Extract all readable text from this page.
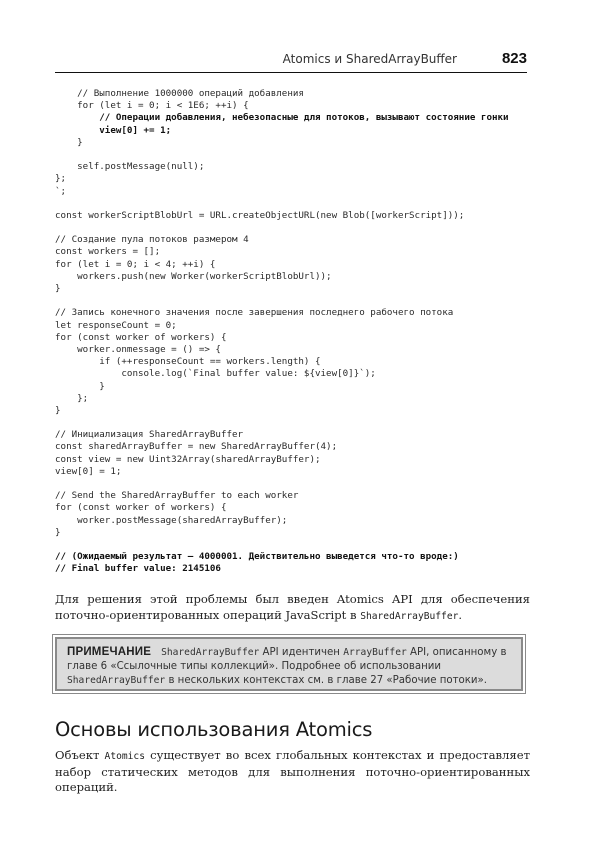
Atomics и SharedArrayBuffer	823
// Выполнение 1000000 операций добавления
for (let i = 0; i < 1E6; ++i) {
// Операции добавления, небезопасные для потоков, вызывают состояние гонки
view[0] += 1;
}
self.postMessage(null);
};
`;
const workerScriptBlobUrl = URL.createObjectURL(new Blob([workerScript]));
// Создание пула потоков размером 4
const workers = [];
for (let i = 0; i < 4; ++i) {
workers.push(new Worker(workerScriptBlobUrl));
}
// Запись конечного значения после завершения последнего рабочего потока
let responseCount = 0;
for (const worker of workers) {
worker.onmessage = () => {
if (++responseCount == workers.length) {
console.log(`Final buffer value: ${view[0]}`);
}
};
}
// Инициализация SharedArrayBuffer
const sharedArrayBuffer = new SharedArrayBuffer(4);
const view = new Uint32Array(sharedArrayBuffer);
view[0] = 1;
// Send the SharedArrayBuffer to each worker
for (const worker of workers) {
worker.postMessage(sharedArrayBuffer);
}
// (Ожидаемый результат — 4000001. Действительно выведется что-то вроде:)
// Final buffer value: 2145106
Для решения этой проблемы был введен Atomics API для обеспечения поточно-ориентированных операций JavaScript в SharedArrayBuffer.
ПРИМЕЧАНИЕ SharedArrayBuffer API идентичен ArrayBuffer API, описанному в главе 6 «Ссылочные типы коллекций». Подробнее об использовании SharedArrayBuffer в нескольких контекстах см. в главе 27 «Рабочие потоки».
Основы использования Atomics
Объект Atomics существует во всех глобальных контекстах и предоставляет набор статических методов для выполнения поточно-ориентированных операций.
